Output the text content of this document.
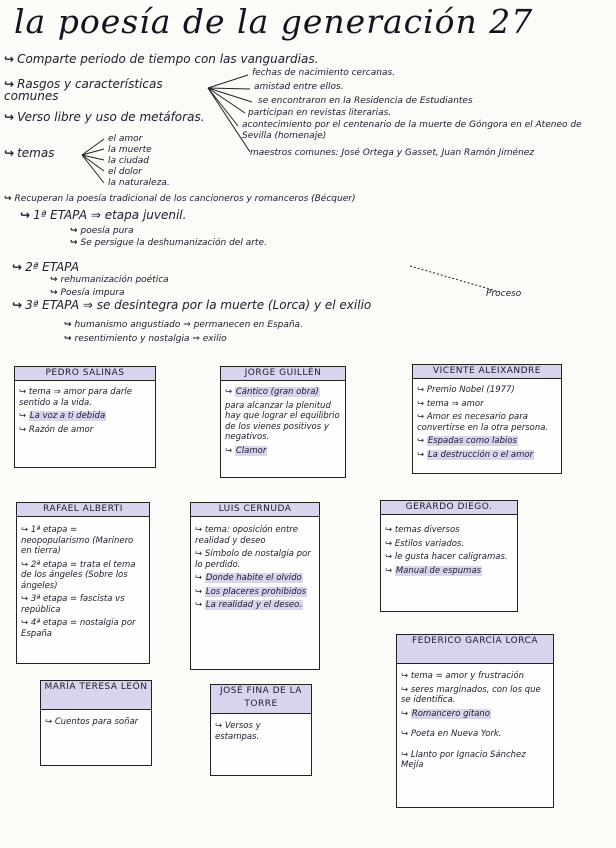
la poesía de la generación 27
↪ Comparte periodo de tiempo con las vanguardias.
↪ Rasgos y características comunes
fechas de nacimiento cercanas.
amistad entre ellos.
se encontraron en la Residencia de Estudiantes
participan en revistas literarias.
acontecimiento por el centenario de la muerte de Góngora en el Ateneo de Sevilla (homenaje)
maestros comunes: José Ortega y Gasset, Juan Ramón Jiménez
↪ Verso libre y uso de metáforas.
↪ temas
el amor
la muerte
la ciudad
el dolor
la naturaleza.
↪ Recuperan la poesía tradicional de los cancioneros y romanceros (Bécquer)
↪ 1ª ETAPA ⇒ etapa juvenil.
↪ poesía pura
↪ Se persigue la deshumanización del arte.
↪ 2ª ETAPA
↪ rehumanización poética
↪ Poesía impura
↪ 3ª ETAPA ⇒ se desintegra por la muerte (Lorca) y el exilio
Proceso
↪ humanismo angustiado ⇒ permanecen en España.
↪ resentimiento y nostalgia ⇒ exilio
PEDRO SALINAS
↪ tema ⇒ amor para darle sentido a la vida.
↪ La voz a ti debida
↪ Razón de amor
JORGE GUILLÉN
↪ Cántico (gran obra)
para alcanzar la plenitud hay que lograr el equilibrio de los vienes positivos y negativos.
↪ Clamor
VICENTE ALEIXANDRE
↪ Premio Nobel (1977)
↪ tema ⇒ amor
↪ Amor es necesario para convertirse en la otra persona.
↪ Espadas como labios
↪ La destrucción o el amor
RAFAEL ALBERTI
↪ 1ª etapa = neopopularismo (Marinero en tierra)
↪ 2ª etapa = trata el tema de los ángeles (Sobre los ángeles)
↪ 3ª etapa = fascista vs república
↪ 4ª etapa = nostalgia por España
LUIS CERNUDA
↪ tema: oposición entre realidad y deseo
↪ Símbolo de nostalgia por lo perdido.
↪ Donde habite el olvido
↪ Los placeres prohibidos
↪ La realidad y el deseo.
GERARDO DIEGO.
↪ temas diversos
↪ Estilos variados.
↪ le gusta hacer caligramas.
↪ Manual de espumas
FEDERICO GARCÍA LORCA
↪ tema = amor y frustración
↪ seres marginados, con los que se identifica.
↪ Romancero gitano
↪ Poeta en Nueva York.
↪ Llanto por Ignacio Sánchez Mejía
MARÍA TERESA LEÓN
↪ Cuentos para soñar
JOSÉ FINA DE LA TORRE
↪ Versos y estampas.
